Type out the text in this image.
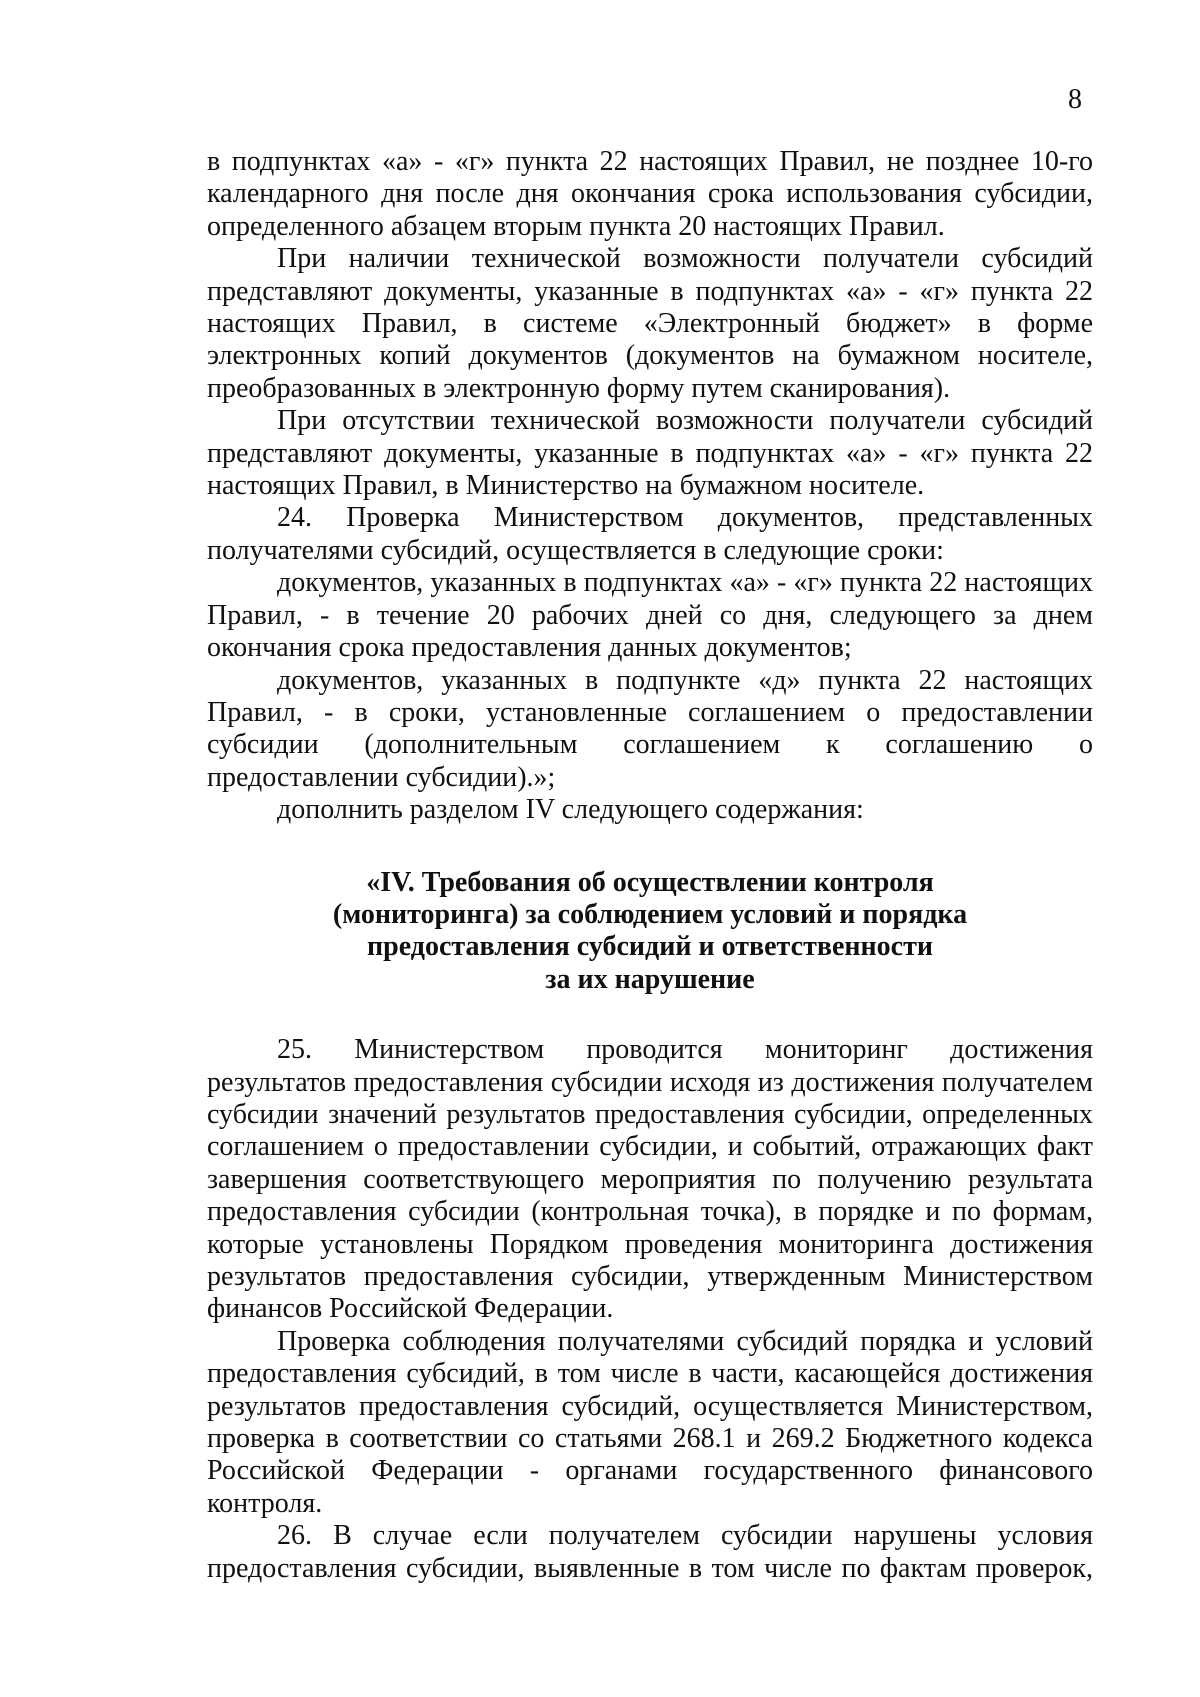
8

в подпунктах «а» - «г» пункта 22 настоящих Правил, не позднее 10-го календарного дня после дня окончания срока использования субсидии, определенного абзацем вторым пункта 20 настоящих Правил.

При наличии технической возможности получатели субсидий представляют документы, указанные в подпунктах «а» - «г» пункта 22 настоящих Правил, в системе «Электронный бюджет» в форме электронных копий документов (документов на бумажном носителе, преобразованных в электронную форму путем сканирования).

При отсутствии технической возможности получатели субсидий представляют документы, указанные в подпунктах «а» - «г» пункта 22 настоящих Правил, в Министерство на бумажном носителе.

24. Проверка Министерством документов, представленных получателями субсидий, осуществляется в следующие сроки:

документов, указанных в подпунктах «а» - «г» пункта 22 настоящих Правил, - в течение 20 рабочих дней со дня, следующего за днем окончания срока предоставления данных документов;

документов, указанных в подпункте «д» пункта 22 настоящих Правил, - в сроки, установленные соглашением о предоставлении субсидии (дополнительным соглашением к соглашению о предоставлении субсидии).»;

дополнить разделом IV следующего содержания:

«IV. Требования об осуществлении контроля
(мониторинга) за соблюдением условий и порядка
предоставления субсидий и ответственности
за их нарушение

25. Министерством проводится мониторинг достижения результатов предоставления субсидии исходя из достижения получателем субсидии значений результатов предоставления субсидии, определенных соглашением о предоставлении субсидии, и событий, отражающих факт завершения соответствующего мероприятия по получению результата предоставления субсидии (контрольная точка), в порядке и по формам, которые установлены Порядком проведения мониторинга достижения результатов предоставления субсидии, утвержденным Министерством финансов Российской Федерации.

Проверка соблюдения получателями субсидий порядка и условий предоставления субсидий, в том числе в части, касающейся достижения результатов предоставления субсидий, осуществляется Министерством, проверка в соответствии со статьями 268.1 и 269.2 Бюджетного кодекса Российской Федерации - органами государственного финансового контроля.

26. В случае если получателем субсидии нарушены условия предоставления субсидии, выявленные в том числе по фактам проверок,
